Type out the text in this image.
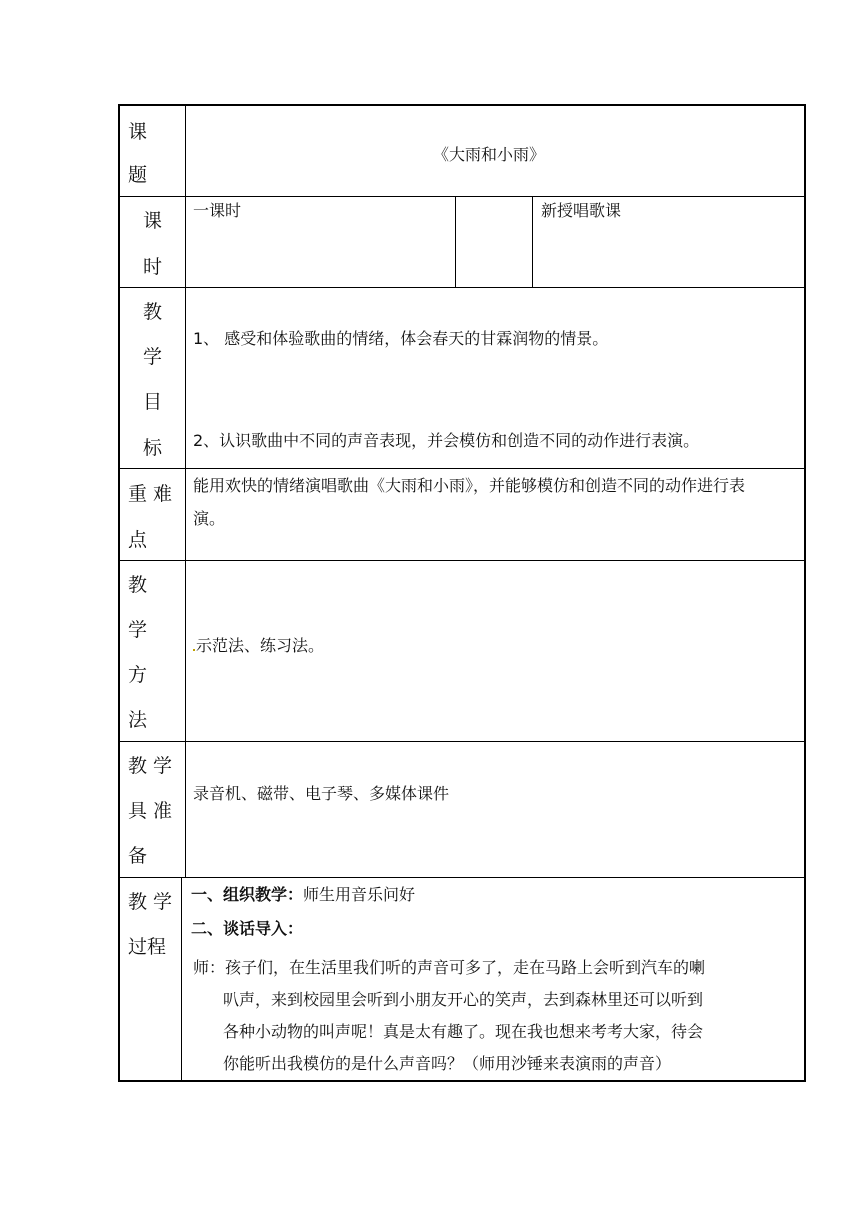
课
题
《大雨和小雨》
课
时
一课时	新授唱歌课
教
学
目
标
1、 感受和体验歌曲的情绪，体会春天的甘霖润物的情景。
2、认识歌曲中不同的声音表现，并会模仿和创造不同的动作进行表演。
重 难
点
能用欢快的情绪演唱歌曲《大雨和小雨》，并能够模仿和创造不同的动作进行表
演。
教
学
方
法
示范法、练习法。
教 学
具 准
备
录音机、磁带、电子琴、多媒体课件
教 学
过程
一、组织教学：师生用音乐问好
二、谈话导入：
师：孩子们，在生活里我们听的声音可多了，走在马路上会听到汽车的喇
叭声，来到校园里会听到小朋友开心的笑声，去到森林里还可以听到
各种小动物的叫声呢！真是太有趣了。现在我也想来考考大家，待会
你能听出我模仿的是什么声音吗？（师用沙锤来表演雨的声音）
